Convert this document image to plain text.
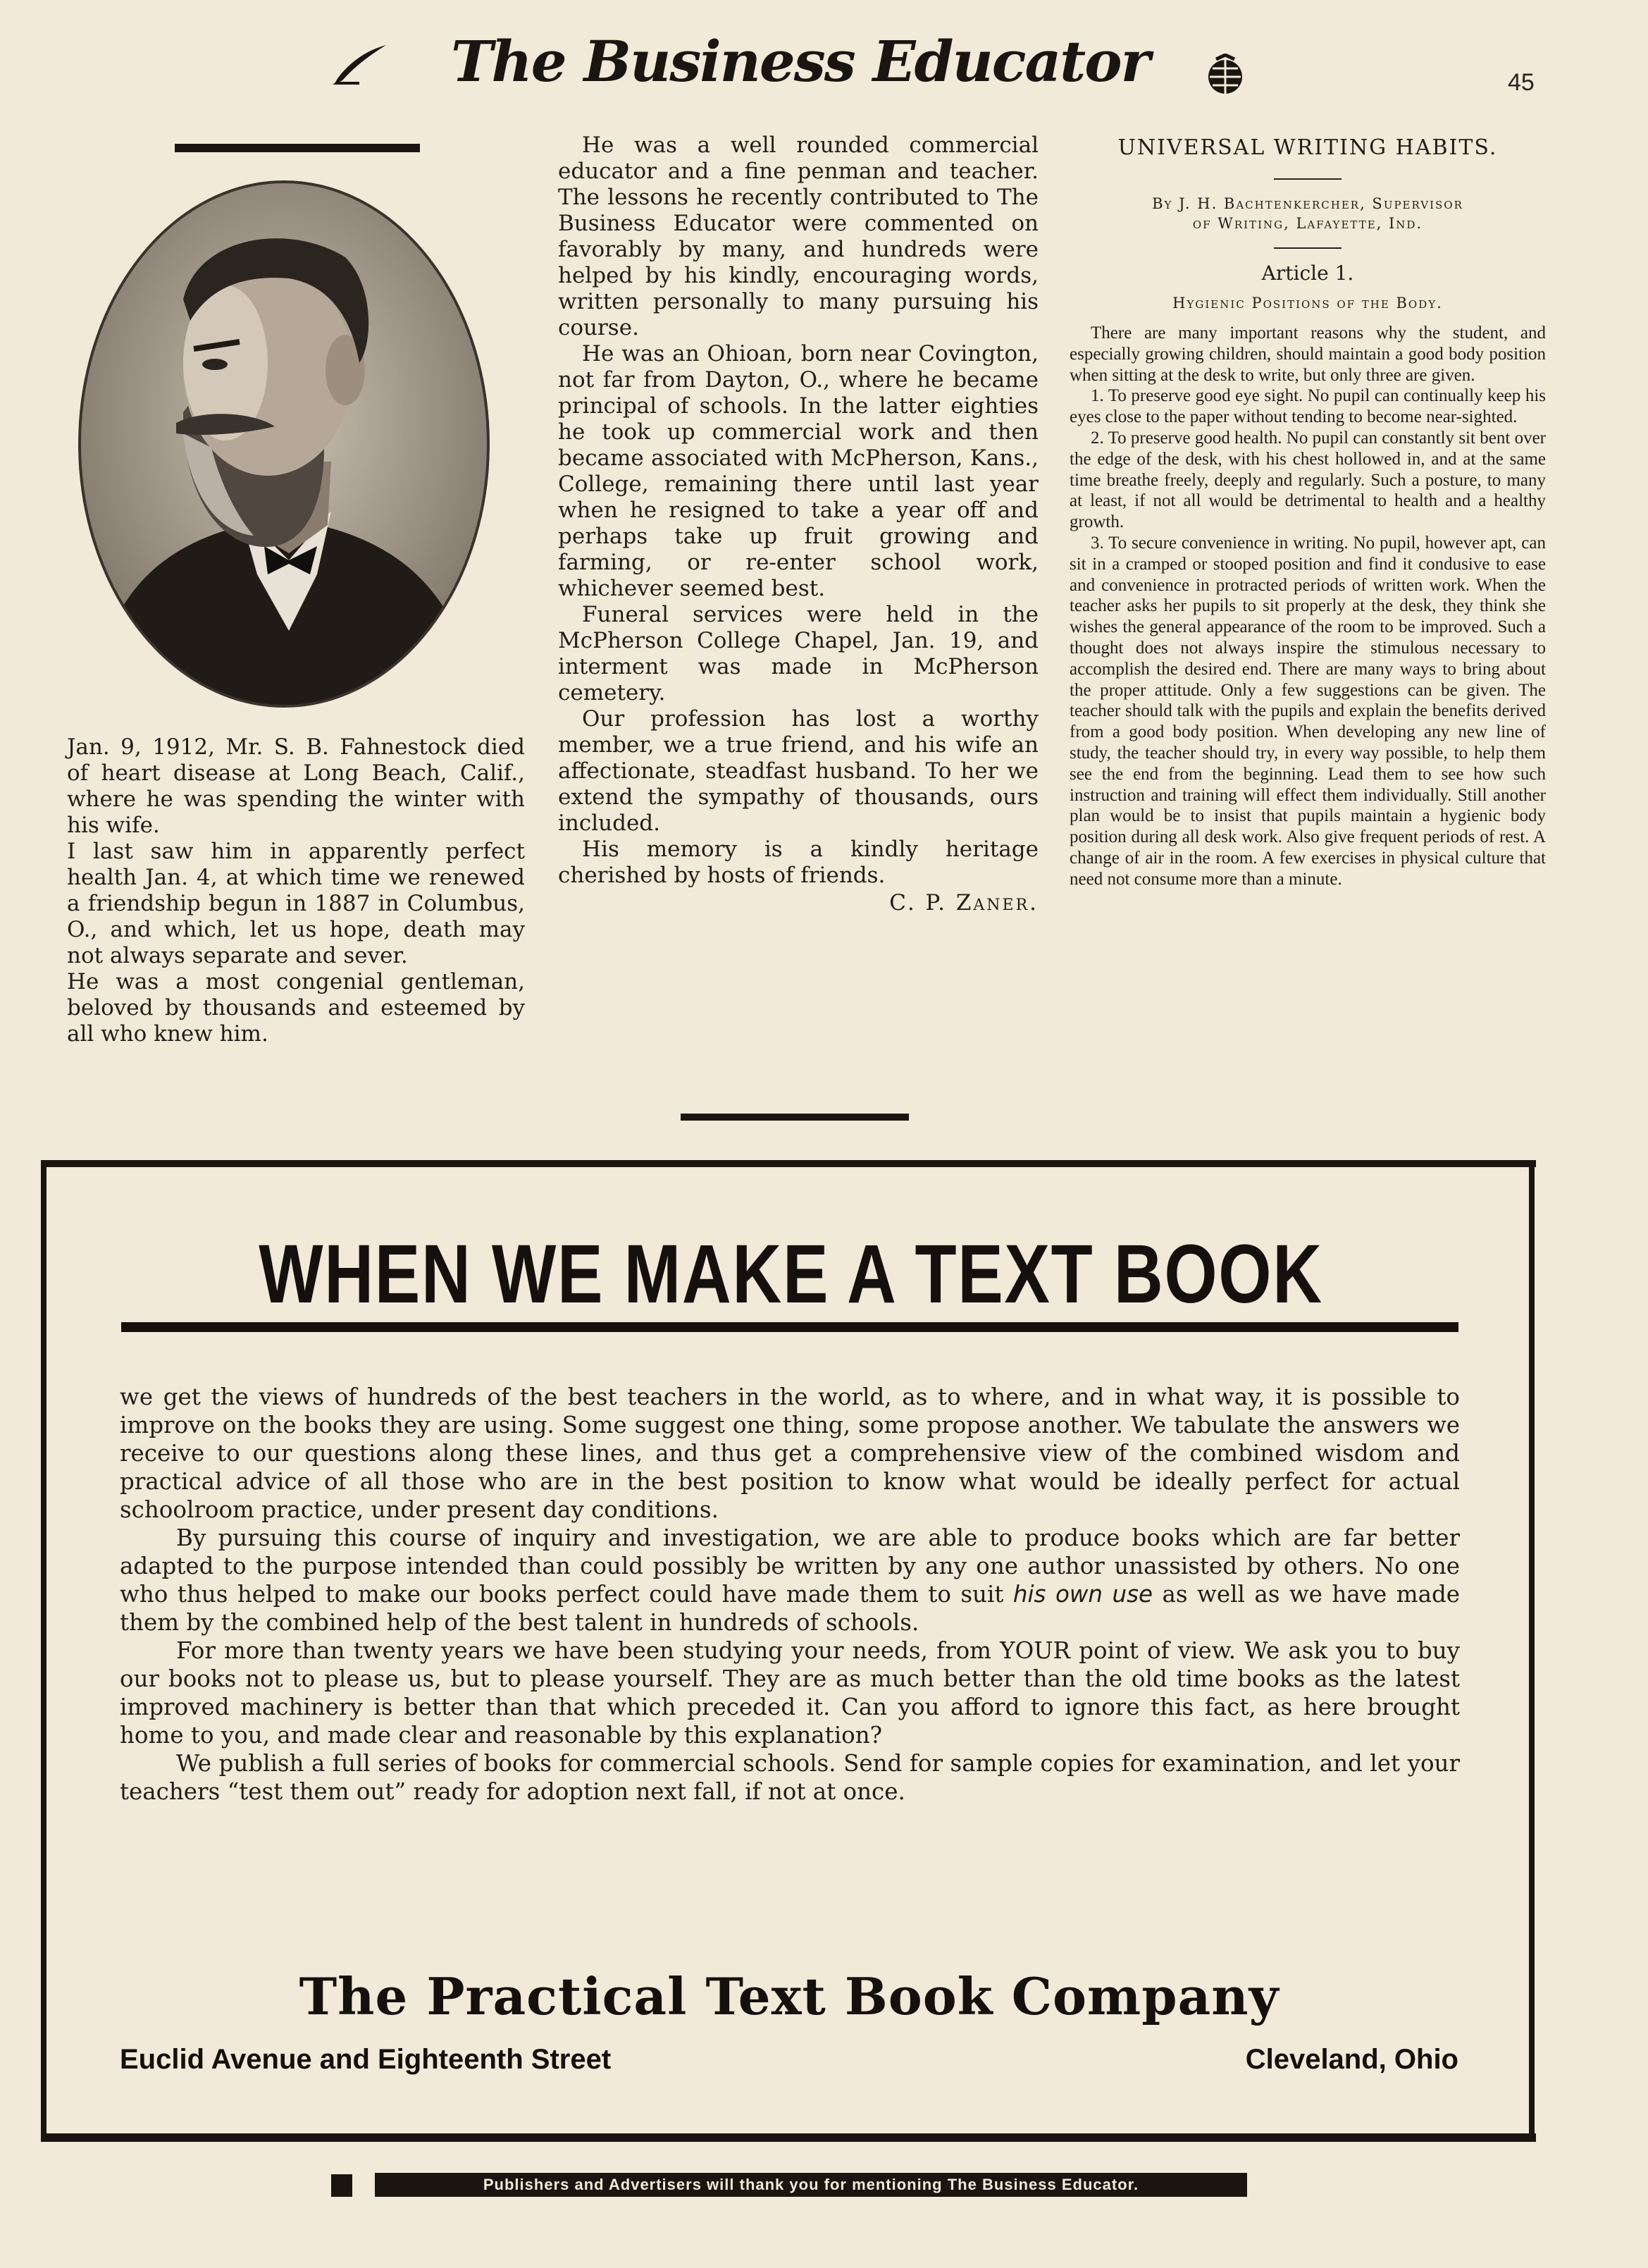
The Business Educator	45

Jan. 9, 1912, Mr. S. B. Fahnestock died of heart disease at Long Beach, Calif., where he was spending the winter with his wife.

I last saw him in apparently perfect health Jan. 4, at which time we renewed a friendship begun in 1887 in Columbus, O., and which, let us hope, death may not always separate and sever.

He was a most congenial gentleman, beloved by thousands and esteemed by all who knew him.

He was a well rounded commercial educator and a fine penman and teacher. The lessons he recently contributed to The Business Educator were commented on favorably by many, and hundreds were helped by his kindly, encouraging words, written personally to many pursuing his course.

He was an Ohioan, born near Covington, not far from Dayton, O., where he became principal of schools. In the latter eighties he took up commercial work and then became associated with McPherson, Kans., College, remaining there until last year when he resigned to take a year off and perhaps take up fruit growing and farming, or re-enter school work, whichever seemed best.

Funeral services were held in the McPherson College Chapel, Jan. 19, and interment was made in McPherson cemetery.

Our profession has lost a worthy member, we a true friend, and his wife an affectionate, steadfast husband. To her we extend the sympathy of thousands, ours included.

His memory is a kindly heritage cherished by hosts of friends.

C. P. Zaner.
UNIVERSAL WRITING HABITS.
By J. H. Bachtenkercher, Supervisor
of Writing, Lafayette, Ind.
Article 1.
Hygienic Positions of the Body.

There are many important reasons why the student, and especially growing children, should maintain a good body position when sitting at the desk to write, but only three are given.

1. To preserve good eye sight. No pupil can continually keep his eyes close to the paper without tending to become near-sighted.

2. To preserve good health. No pupil can constantly sit bent over the edge of the desk, with his chest hollowed in, and at the same time breathe freely, deeply and regularly. Such a posture, to many at least, if not all would be detrimental to health and a healthy growth.

3. To secure convenience in writing. No pupil, however apt, can sit in a cramped or stooped position and find it condusive to ease and convenience in protracted periods of written work. When the teacher asks her pupils to sit properly at the desk, they think she wishes the general appearance of the room to be improved. Such a thought does not always inspire the stimulous necessary to accomplish the desired end. There are many ways to bring about the proper attitude. Only a few suggestions can be given. The teacher should talk with the pupils and explain the benefits derived from a good body position. When developing any new line of study, the teacher should try, in every way possible, to help them see the end from the beginning. Lead them to see how such instruction and training will effect them individually. Still another plan would be to insist that pupils maintain a hygienic body position during all desk work. Also give frequent periods of rest. A change of air in the room. A few exercises in physical culture that need not consume more than a minute.

WHEN WE MAKE A TEXT BOOK

we get the views of hundreds of the best teachers in the world, as to where, and in what way, it is possible to improve on the books they are using. Some suggest one thing, some propose another. We tabulate the answers we receive to our questions along these lines, and thus get a comprehensive view of the combined wisdom and practical advice of all those who are in the best position to know what would be ideally perfect for actual schoolroom practice, under present day conditions.

By pursuing this course of inquiry and investigation, we are able to produce books which are far better adapted to the purpose intended than could possibly be written by any one author unassisted by others. No one who thus helped to make our books perfect could have made them to suit his own use as well as we have made them by the combined help of the best talent in hundreds of schools.

For more than twenty years we have been studying your needs, from YOUR point of view. We ask you to buy our books not to please us, but to please yourself. They are as much better than the old time books as the latest improved machinery is better than that which preceded it. Can you afford to ignore this fact, as here brought home to you, and made clear and reasonable by this explanation?

We publish a full series of books for commercial schools. Send for sample copies for examination, and let your teachers “test them out” ready for adoption next fall, if not at once.

The Practical Text Book Company
Euclid Avenue and Eighteenth Street	Cleveland, Ohio
Publishers and Advertisers will thank you for mentioning The Business Educator.
